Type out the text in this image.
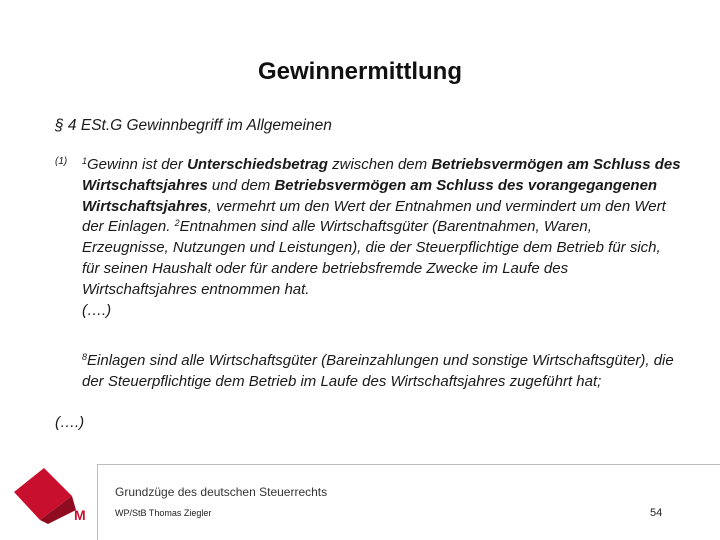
Gewinnermittlung
§ 4 ESt.G Gewinnbegriff im Allgemeinen
(1) $^1$Gewinn ist der Unterschiedsbetrag zwischen dem Betriebsvermögen am Schluss des Wirtschaftsjahres und dem Betriebsvermögen am Schluss des vorangegangenen Wirtschaftsjahres, vermehrt um den Wert der Entnahmen und vermindert um den Wert der Einlagen. $^2$Entnahmen sind alle Wirtschaftsgüter (Barentnahmen, Waren, Erzeugnisse, Nutzungen und Leistungen), die der Steuerpflichtige dem Betrieb für sich, für seinen Haushalt oder für andere betriebsfremde Zwecke im Laufe des Wirtschaftsjahres entnommen hat.
(….)
$^8$Einlagen sind alle Wirtschaftsgüter (Bareinzahlungen und sonstige Wirtschaftsgüter), die der Steuerpflichtige dem Betrieb im Laufe des Wirtschaftsjahres zugeführt hat;
(….)
M
Grundzüge des deutschen Steuerrechts
WP/StB Thomas Ziegler	54
